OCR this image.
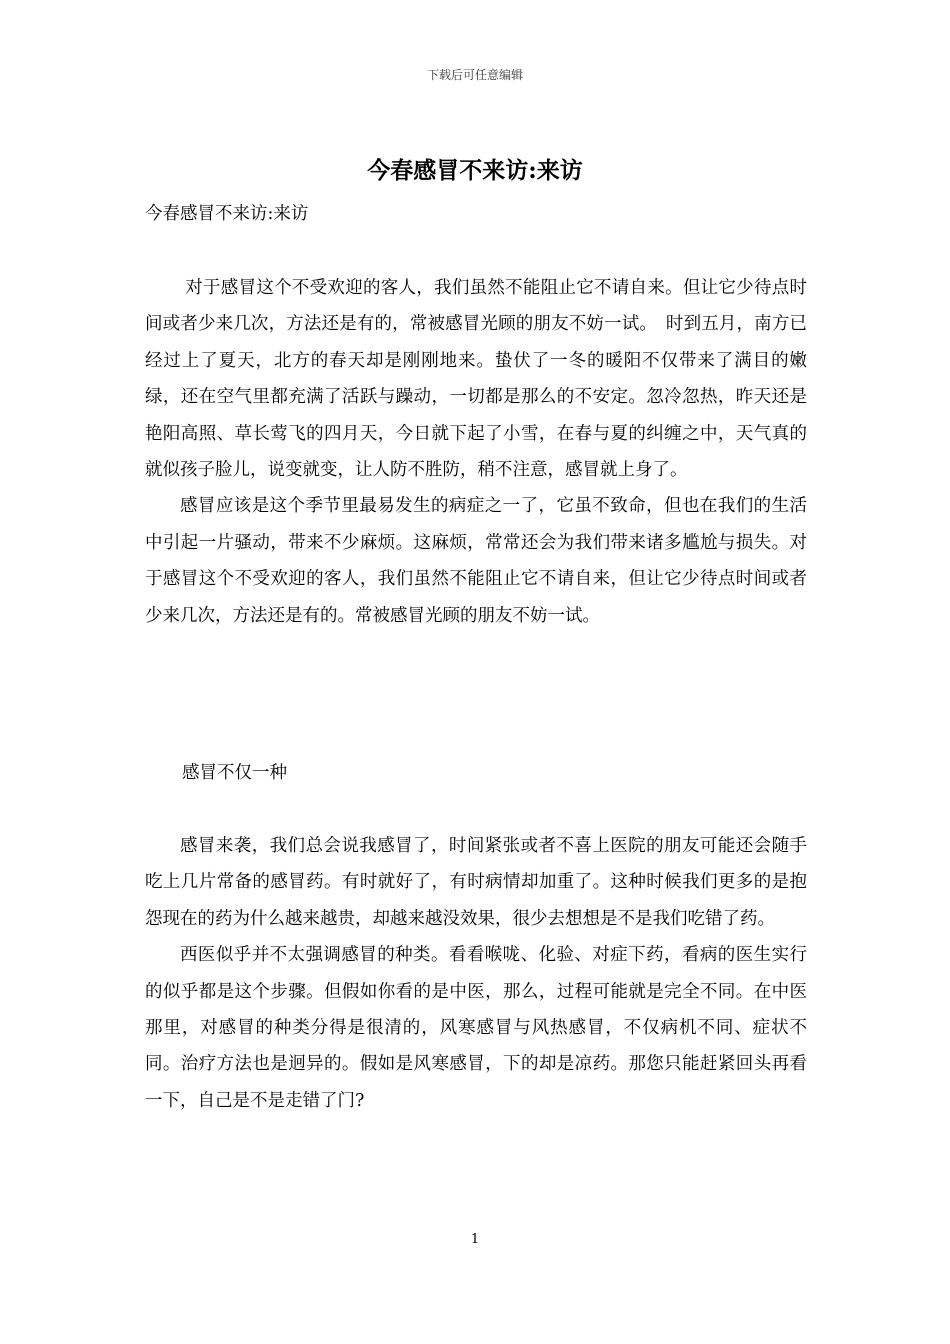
下载后可任意编辑
今春感冒不来访:来访
今春感冒不来访:来访

对于感冒这个不受欢迎的客人，我们虽然不能阻止它不请自来。但让它少待点时间或者少来几次，方法还是有的，常被感冒光顾的朋友不妨一试。　时到五月，南方已经过上了夏天，北方的春天却是刚刚地来。蛰伏了一冬的暖阳不仅带来了满目的嫩绿，还在空气里都充满了活跃与躁动，一切都是那么的不安定。忽冷忽热，昨天还是艳阳高照、草长莺飞的四月天，今日就下起了小雪，在春与夏的纠缠之中，天气真的就似孩子脸儿，说变就变，让人防不胜防，稍不注意，感冒就上身了。

感冒应该是这个季节里最易发生的病症之一了，它虽不致命，但也在我们的生活中引起一片骚动，带来不少麻烦。这麻烦，常常还会为我们带来诸多尴尬与损失。对于感冒这个不受欢迎的客人，我们虽然不能阻止它不请自来，但让它少待点时间或者少来几次，方法还是有的。常被感冒光顾的朋友不妨一试。

感冒不仅一种

感冒来袭，我们总会说我感冒了，时间紧张或者不喜上医院的朋友可能还会随手吃上几片常备的感冒药。有时就好了，有时病情却加重了。这种时候我们更多的是抱怨现在的药为什么越来越贵，却越来越没效果，很少去想想是不是我们吃错了药。

西医似乎并不太强调感冒的种类。看看喉咙、化验、对症下药，看病的医生实行的似乎都是这个步骤。但假如你看的是中医，那么，过程可能就是完全不同。在中医那里，对感冒的种类分得是很清的，风寒感冒与风热感冒，不仅病机不同、症状不同。治疗方法也是迥异的。假如是风寒感冒，下的却是凉药。那您只能赶紧回头再看一下，自己是不是走错了门?

1
